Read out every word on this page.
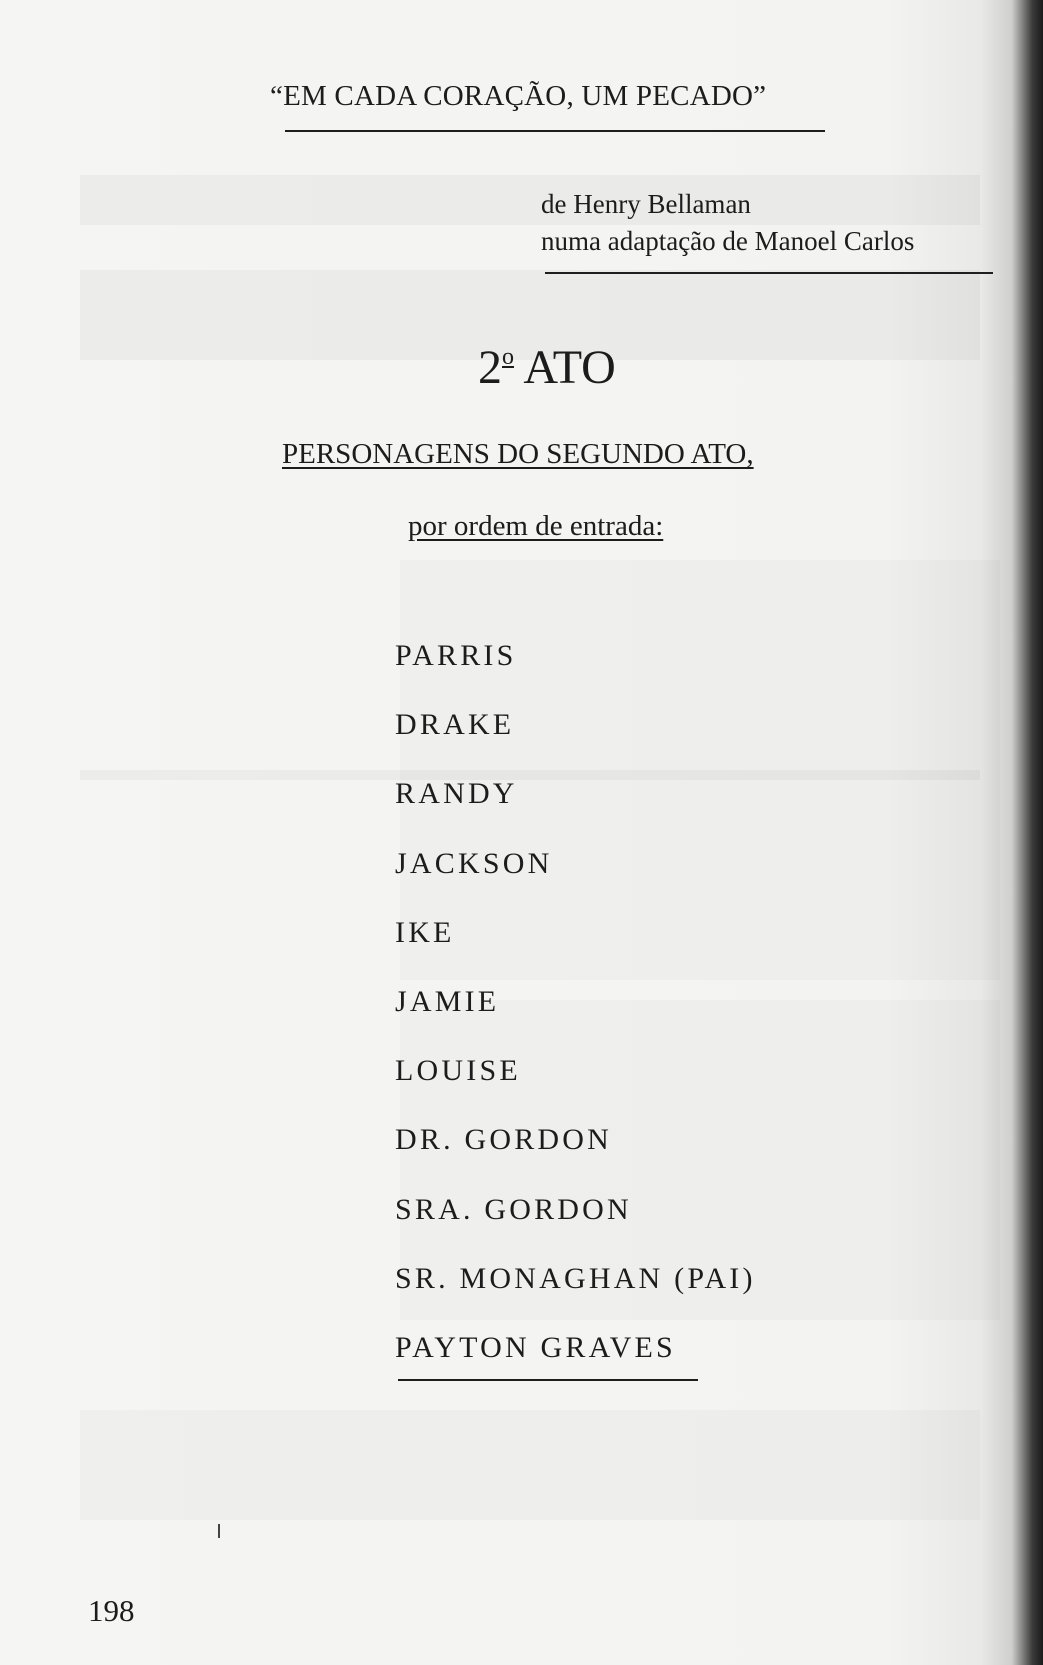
“EM CADA CORAÇÃO, UM PECADO”
de Henry Bellaman
numa adaptação de Manoel Carlos
2$^o$ ATO
PERSONAGENS DO SEGUNDO ATO,
por ordem de entrada:
PARRIS
DRAKE
RANDY
JACKSON
IKE
JAMIE
LOUISE
DR. GORDON
SRA. GORDON
SR. MONAGHAN (PAI)
PAYTON GRAVES
198
